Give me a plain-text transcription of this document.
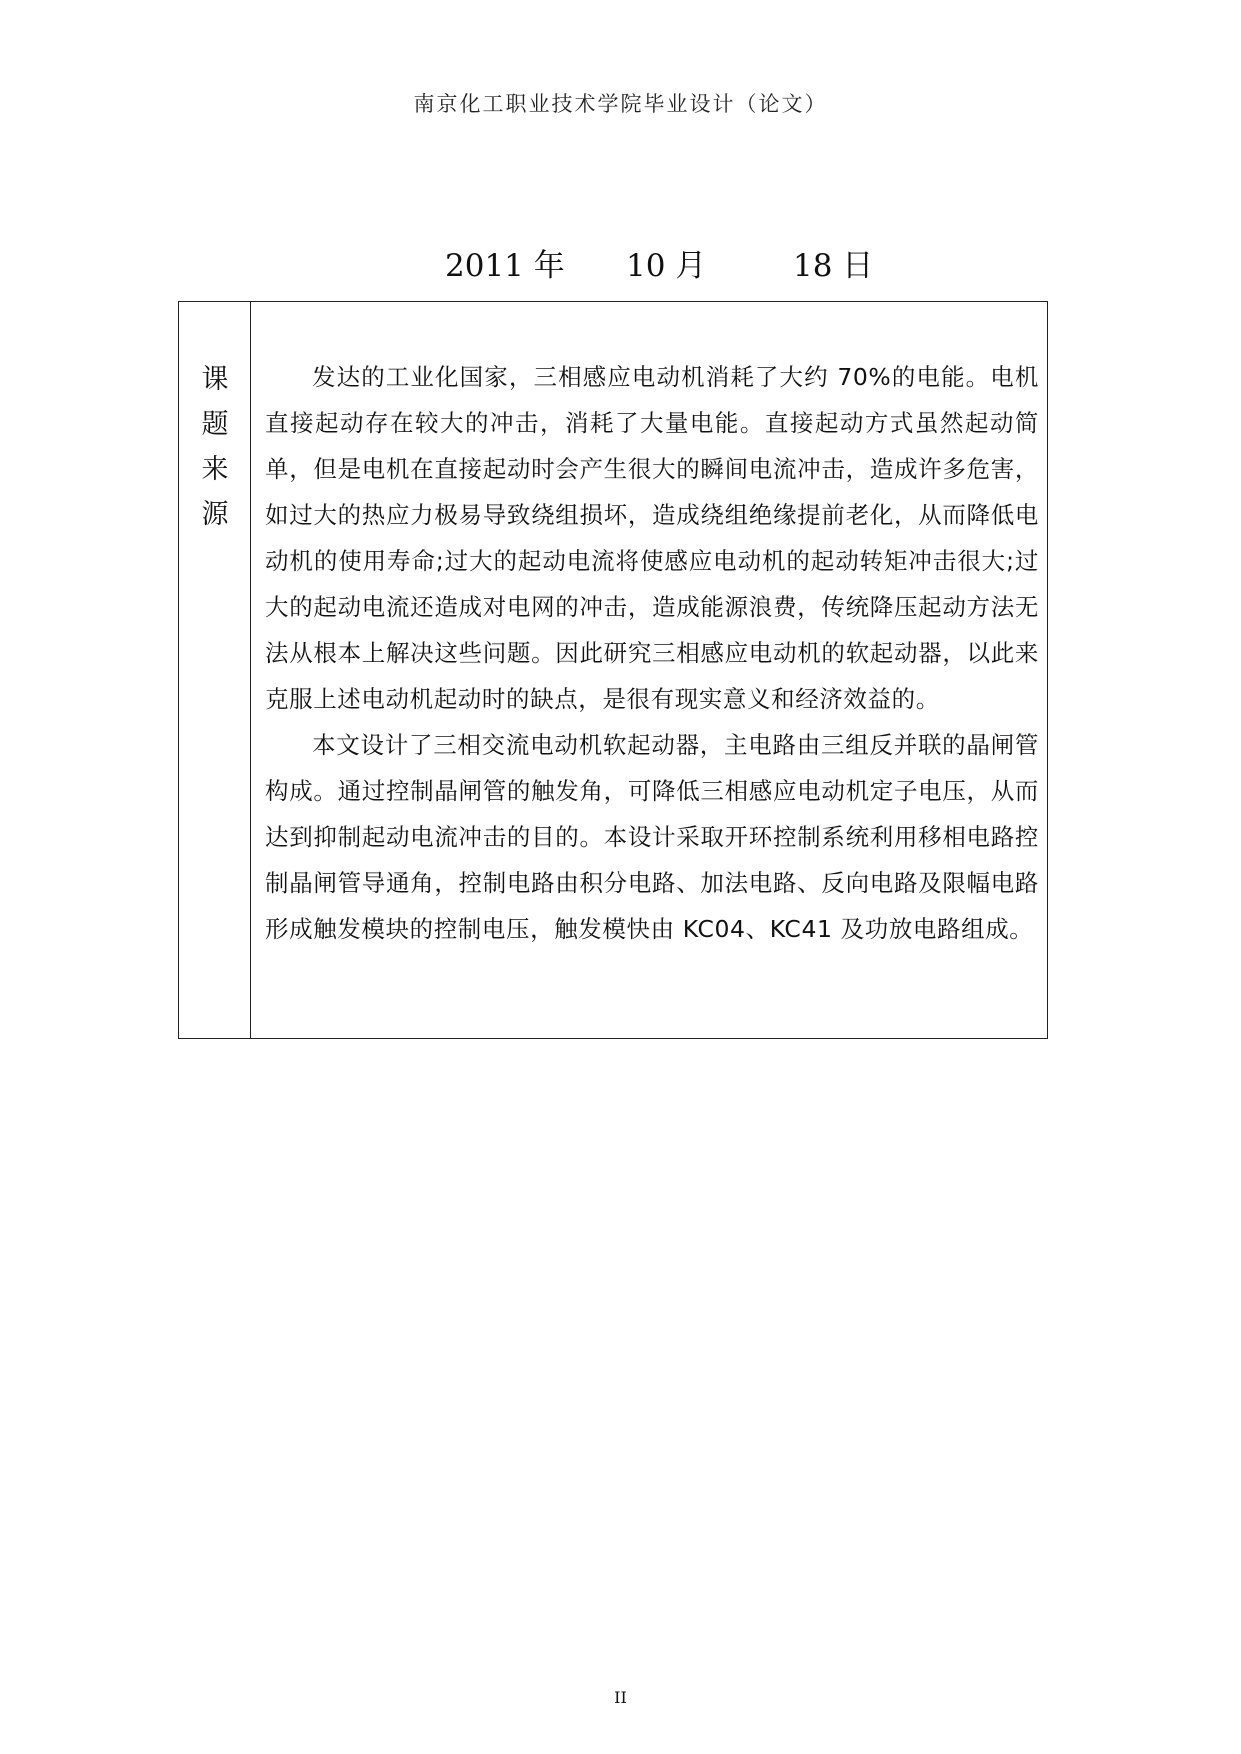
南京化工职业技术学院毕业设计（论文）
2011 年 10 月	18 日
课
题
来
源

发达的工业化国家，三相感应电动机消耗了大约 70%的电能。电机直接起动存在较大的冲击，消耗了大量电能。直接起动方式虽然起动简单，但是电机在直接起动时会产生很大的瞬间电流冲击，造成许多危害，如过大的热应力极易导致绕组损坏，造成绕组绝缘提前老化，从而降低电动机的使用寿命;过大的起动电流将使感应电动机的起动转矩冲击很大;过大的起动电流还造成对电网的冲击，造成能源浪费，传统降压起动方法无法从根本上解决这些问题。因此研究三相感应电动机的软起动器，以此来克服上述电动机起动时的缺点，是很有现实意义和经济效益的。

本文设计了三相交流电动机软起动器，主电路由三组反并联的晶闸管构成。通过控制晶闸管的触发角，可降低三相感应电动机定子电压，从而达到抑制起动电流冲击的目的。本设计采取开环控制系统利用移相电路控制晶闸管导通角，控制电路由积分电路、加法电路、反向电路及限幅电路形成触发模块的控制电压，触发模快由 KC04、KC41 及功放电路组成。

II
